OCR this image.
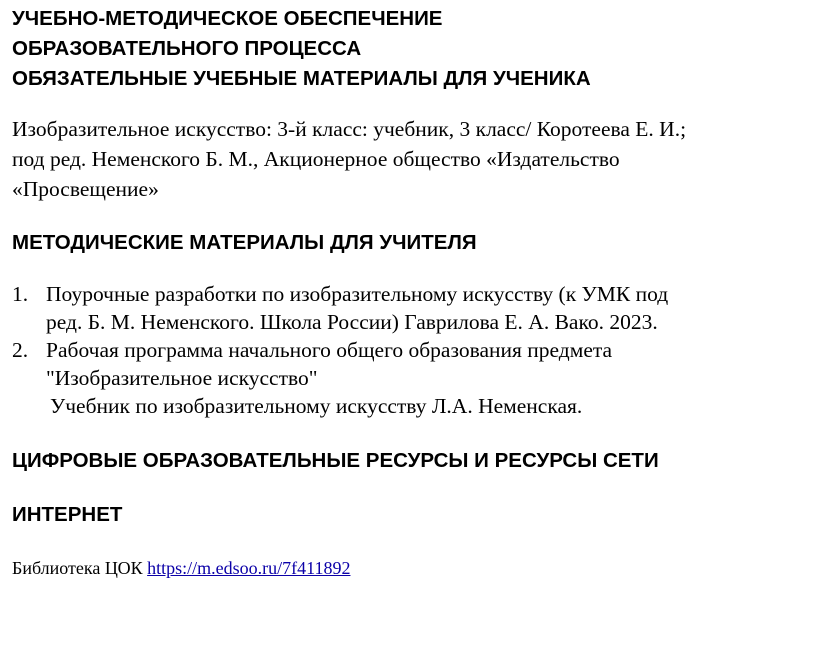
УЧЕБНО-МЕТОДИЧЕСКОЕ ОБЕСПЕЧЕНИЕ

ОБРАЗОВАТЕЛЬНОГО ПРОЦЕССА

ОБЯЗАТЕЛЬНЫЕ УЧЕБНЫЕ МАТЕРИАЛЫ ДЛЯ УЧЕНИКА

Изобразительное искусство: 3-й класс: учебник, 3 класс/ Коротеева Е. И.;

под ред. Неменского Б. М., Акционерное общество «Издательство

«Просвещение»

МЕТОДИЧЕСКИЕ МАТЕРИАЛЫ ДЛЯ УЧИТЕЛЯ

1. Поурочные разработки по изобразительному искусству (к УМК под
ред. Б. М. Неменского. Школа России) Гаврилова Е. А. Вако. 2023.
2. Рабочая программа начального общего образования предмета
"Изобразительное искусство"

Учебник по изобразительному искусству Л.А. Неменская.

ЦИФРОВЫЕ ОБРАЗОВАТЕЛЬНЫЕ РЕСУРСЫ И РЕСУРСЫ СЕТИ

ИНТЕРНЕТ

Библиотека ЦОК https://m.edsoo.ru/7f411892
